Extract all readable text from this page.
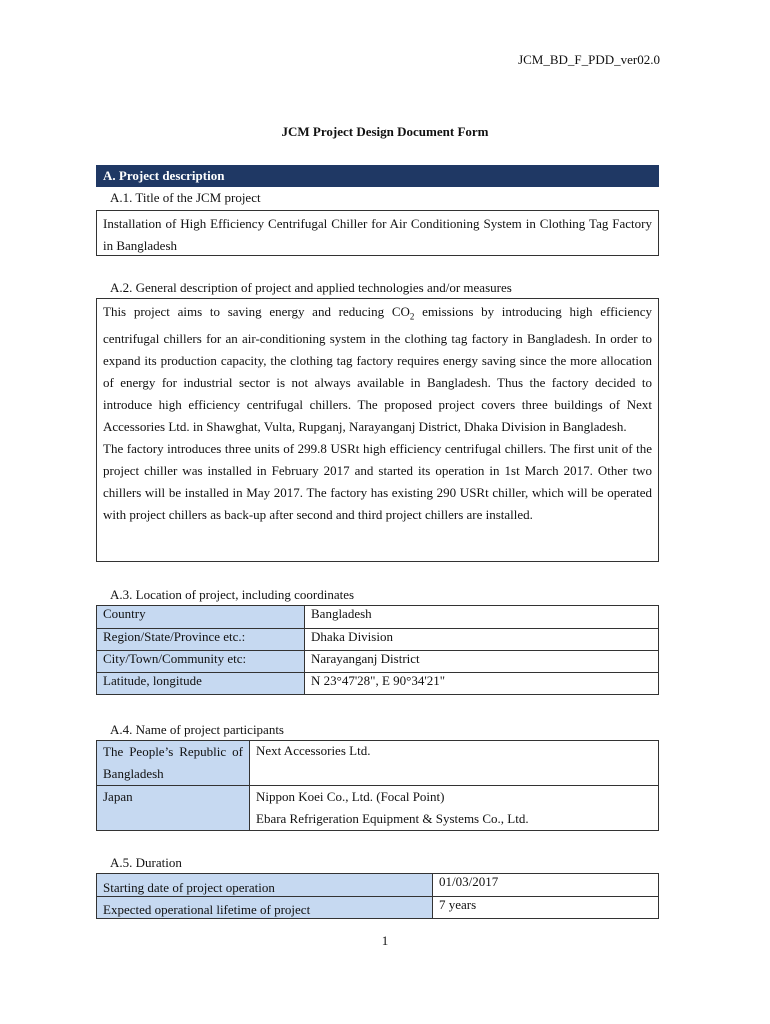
JCM_BD_F_PDD_ver02.0
JCM Project Design Document Form
A. Project description
A.1. Title of the JCM project
Installation of High Efficiency Centrifugal Chiller for Air Conditioning System in Clothing Tag Factory in Bangladesh
A.2. General description of project and applied technologies and/or measures
This project aims to saving energy and reducing $CO_2$ emissions by introducing high efficiency centrifugal chillers for an air-conditioning system in the clothing tag factory in Bangladesh. In order to expand its production capacity, the clothing tag factory requires energy saving since the more allocation of energy for industrial sector is not always available in Bangladesh. Thus the factory decided to introduce high efficiency centrifugal chillers. The proposed project covers three buildings of Next Accessories Ltd. in Shawghat, Vulta, Rupganj, Narayanganj District, Dhaka Division in Bangladesh.
The factory introduces three units of 299.8 USRt high efficiency centrifugal chillers. The first unit of the project chiller was installed in February 2017 and started its operation in 1st March 2017. Other two chillers will be installed in May 2017. The factory has existing 290 USRt chiller, which will be operated with project chillers as back-up after second and third project chillers are installed.
A.3. Location of project, including coordinates
Country	Bangladesh
Region/State/Province etc.:	Dhaka Division
City/Town/Community etc:	Narayanganj District
Latitude, longitude	N 23°47'28", E 90°34'21"
A.4. Name of project participants
The People’s Republic of Bangladesh	Next Accessories Ltd.

Japan	Nippon Koei Co., Ltd. (Focal Point)
Ebara Refrigeration Equipment & Systems Co., Ltd.
A.5. Duration
Starting date of project operation	01/03/2017
Expected operational lifetime of project	7 years
1
